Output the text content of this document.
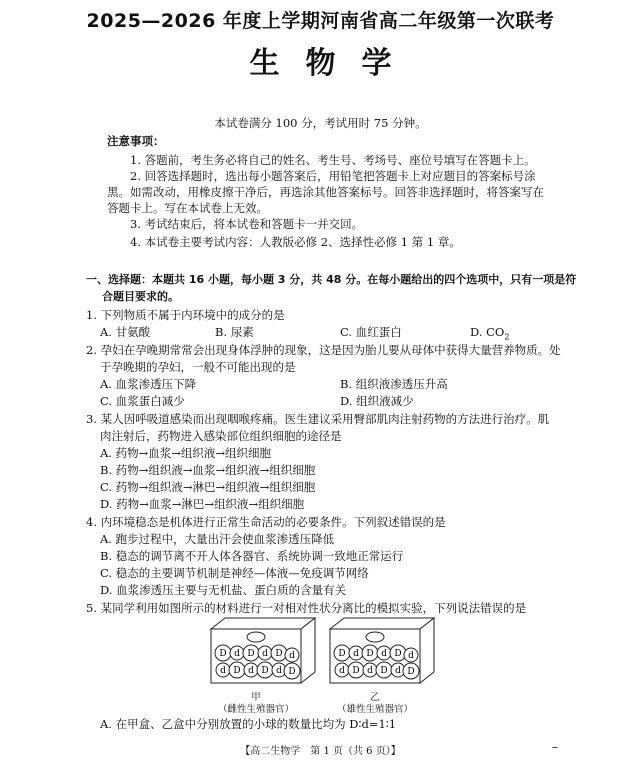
2025—2026 年度上学期河南省高二年级第一次联考
生物学
本试卷满分 100 分，考试用时 75 分钟。
注意事项：
1. 答题前，考生务必将自己的姓名、考生号、考场号、座位号填写在答题卡上。
2. 回答选择题时，选出每小题答案后，用铅笔把答题卡上对应题目的答案标号涂
黑。如需改动，用橡皮擦干净后，再选涂其他答案标号。回答非选择题时，将答案写在
答题卡上。写在本试卷上无效。
3. 考试结束后，将本试卷和答题卡一并交回。
4. 本试卷主要考试内容：人教版必修 2、选择性必修 1 第 1 章。
一、选择题：本题共 16 小题，每小题 3 分，共 48 分。在每小题给出的四个选项中，只有一项是符
合题目要求的。
1. 下列物质不属于内环境中的成分的是
A. 甘氨酸	B. 尿素	C. 血红蛋白	D. $CO_2$
2. 孕妇在孕晚期常常会出现身体浮肿的现象，这是因为胎儿要从母体中获得大量营养物质。处
于孕晚期的孕妇，一般不可能出现的是
A. 血浆渗透压下降	B. 组织液渗透压升高
C. 血浆蛋白减少	D. 组织液减少
3. 某人因呼吸道感染而出现咽喉疼痛。医生建议采用臀部肌肉注射药物的方法进行治疗。肌
肉注射后，药物进入感染部位组织细胞的途径是
A. 药物→血浆→组织液→组织细胞
B. 药物→组织液→血浆→组织液→组织细胞
C. 药物→组织液→淋巴→组织液→组织细胞
D. 药物→血浆→淋巴→组织液→组织细胞
4. 内环境稳态是机体进行正常生命活动的必要条件。下列叙述错误的是
A. 跑步过程中，大量出汗会使血浆渗透压降低
B. 稳态的调节离不开人体各器官、系统协调一致地正常运行
C. 稳态的主要调节机制是神经—体液—免疫调节网络
D. 血浆渗透压主要与无机盐、蛋白质的含量有关
5. 某同学利用如图所示的材料进行一对相对性状分离比的模拟实验，下列说法错误的是
D d D d D d
d D d D d D
甲
（雌性生殖器官）
D d D d D d
d D d D d D
乙
（雄性生殖器官）
A. 在甲盒、乙盒中分别放置的小球的数量比均为 D∶d=1∶1
【高二生物学　第 1 页（共 6 页）】	–
